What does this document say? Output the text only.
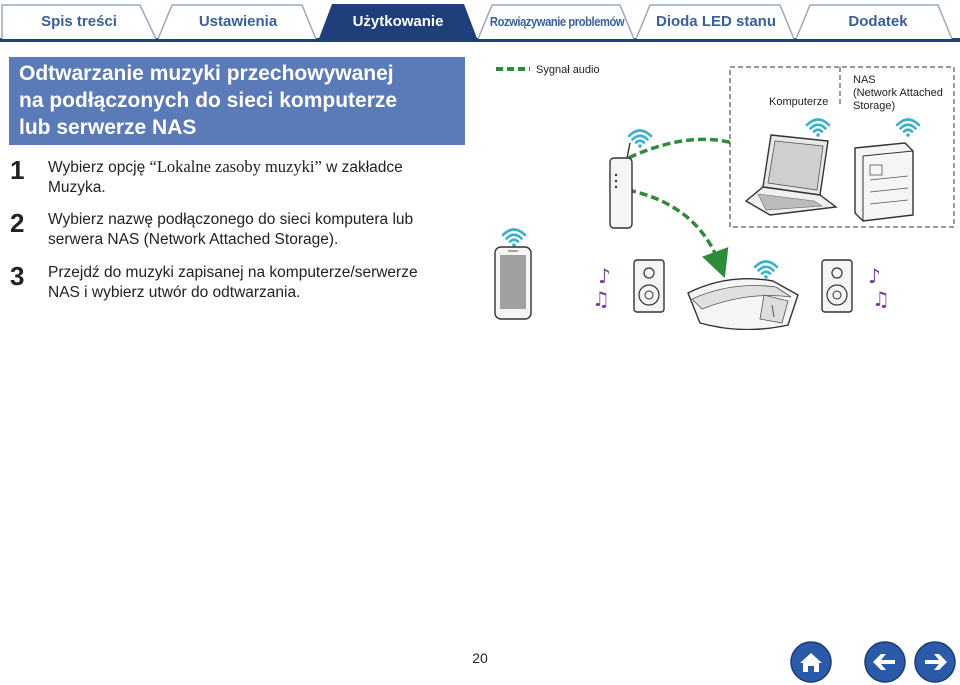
Spis treści	Ustawienia	Użytkowanie	Rozwiązywanie problemów Dioda LED stanu	Dodatek

Odtwarzanie muzyki przechowywanej

na podłączonych do sieci komputerze

lub serwerze NAS

1 Wybierz opcję “Lokalne zasoby muzyki” w zakładce
Muzyka.
2 Wybierz nazwę podłączonego do sieci komputera lub
serwera NAS (Network Attached Storage).
3 Przejdź do muzyki zapisanej na komputerze/serwerze
NAS i wybierz utwór do odtwarzania.
♪
♫
♪
♫
Sygnał audio
Komputerze
NAS
(Network Attached
Storage)
20
